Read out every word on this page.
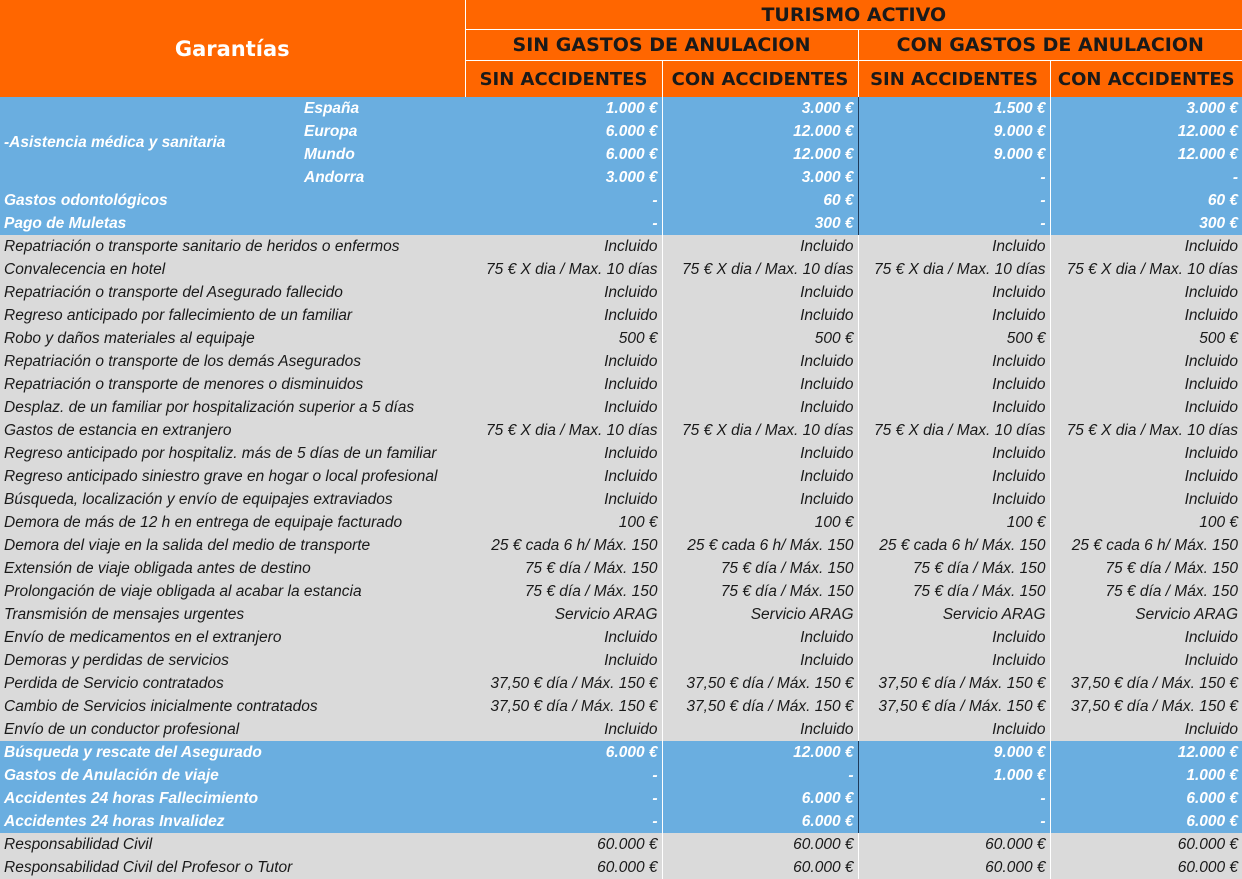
Garantías		TURISMO ACTIVO			
		SIN GASTOS DE ANULACION		CON GASTOS DE ANULACION	
		SIN ACCIDENTES	CON ACCIDENTES	SIN ACCIDENTES	CON ACCIDENTES
-Asistencia médica y sanitaria	España	1.000 €	3.000 €	1.500 €	3.000 €
	Europa	6.000 €	12.000 €	9.000 €	12.000 €
	Mundo	6.000 €	12.000 €	9.000 €	12.000 €
	Andorra	3.000 €	3.000 €	-	-
Gastos odontológicos		-	60 €	-	60 €
Pago de Muletas		-	300 €	-	300 €
Repatriación o transporte sanitario de heridos o enfermos		Incluido	Incluido	Incluido	Incluido
Convalecencia en hotel		75 € X dia / Max. 10 días	75 € X dia / Max. 10 días	75 € X dia / Max. 10 días	75 € X dia / Max. 10 días
Repatriación o transporte del Asegurado fallecido		Incluido	Incluido	Incluido	Incluido
Regreso anticipado por fallecimiento de un familiar		Incluido	Incluido	Incluido	Incluido
Robo y daños materiales al equipaje		500 €	500 €	500 €	500 €
Repatriación o transporte de los demás Asegurados		Incluido	Incluido	Incluido	Incluido
Repatriación o transporte de menores o disminuidos		Incluido	Incluido	Incluido	Incluido
Desplaz. de un familiar por hospitalización superior a 5 días		Incluido	Incluido	Incluido	Incluido
Gastos de estancia en extranjero		75 € X dia / Max. 10 días	75 € X dia / Max. 10 días	75 € X dia / Max. 10 días	75 € X dia / Max. 10 días
Regreso anticipado por hospitaliz. más de 5 días de un familiar		Incluido	Incluido	Incluido	Incluido
Regreso anticipado siniestro grave en hogar o local profesional		Incluido	Incluido	Incluido	Incluido
Búsqueda, localización y envío de equipajes extraviados		Incluido	Incluido	Incluido	Incluido
Demora de más de 12 h en entrega de equipaje facturado		100 €	100 €	100 €	100 €
Demora del viaje en la salida del medio de transporte		25 € cada 6 h/ Máx. 150	25 € cada 6 h/ Máx. 150	25 € cada 6 h/ Máx. 150	25 € cada 6 h/ Máx. 150
Extensión de viaje obligada antes de destino		75 € día / Máx. 150	75 € día / Máx. 150	75 € día / Máx. 150	75 € día / Máx. 150
Prolongación de viaje obligada al acabar la estancia		75 € día / Máx. 150	75 € día / Máx. 150	75 € día / Máx. 150	75 € día / Máx. 150
Transmisión de mensajes urgentes		Servicio ARAG	Servicio ARAG	Servicio ARAG	Servicio ARAG
Envío de medicamentos en el extranjero		Incluido	Incluido	Incluido	Incluido
Demoras y perdidas de servicios		Incluido	Incluido	Incluido	Incluido
Perdida de Servicio contratados		37,50 € día / Máx. 150 €	37,50 € día / Máx. 150 €	37,50 € día / Máx. 150 €	37,50 € día / Máx. 150 €
Cambio de Servicios inicialmente contratados		37,50 € día / Máx. 150 €	37,50 € día / Máx. 150 €	37,50 € día / Máx. 150 €	37,50 € día / Máx. 150 €
Envío de un conductor profesional		Incluido	Incluido	Incluido	Incluido
Búsqueda y rescate del Asegurado		6.000 €	12.000 €	9.000 €	12.000 €
Gastos de Anulación de viaje		-	-	1.000 €	1.000 €
Accidentes 24 horas Fallecimiento		-	6.000 €	-	6.000 €
Accidentes 24 horas Invalidez		-	6.000 €	-	6.000 €
Responsabilidad Civil		60.000 €	60.000 €	60.000 €	60.000 €
Responsabilidad Civil del Profesor o Tutor		60.000 €	60.000 €	60.000 €	60.000 €
